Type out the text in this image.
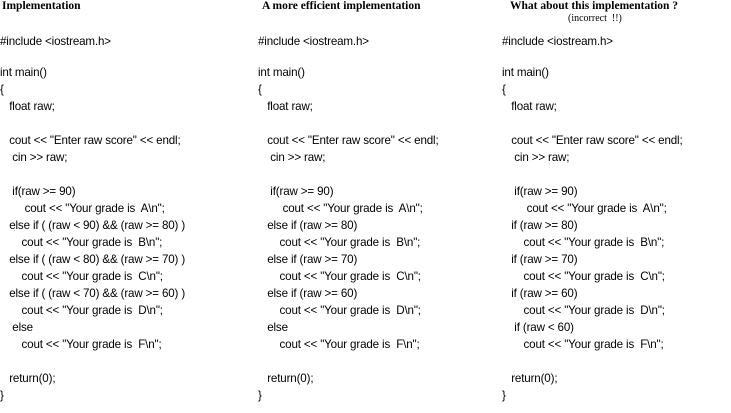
Implementation
#include <iostream.h>
int main()
{
float raw;
cout << "Enter raw score" << endl;
cin >> raw;
if(raw >= 90)
cout << "Your grade is  A\n";
else if ( (raw < 90) && (raw >= 80) )
cout << "Your grade is  B\n";
else if ( (raw < 80) && (raw >= 70) )
cout << "Your grade is  C\n";
else if ( (raw < 70) && (raw >= 60) )
cout << "Your grade is  D\n";
else
cout << "Your grade is  F\n";
return(0);
}
A more efficient implementation
#include <iostream.h>
int main()
{
float raw;
cout << "Enter raw score" << endl;
cin >> raw;
if(raw >= 90)
cout << "Your grade is  A\n";
else if (raw >= 80)
cout << "Your grade is  B\n";
else if (raw >= 70)
cout << "Your grade is  C\n";
else if (raw >= 60)
cout << "Your grade is  D\n";
else
cout << "Your grade is  F\n";
return(0);
}
What about this implementation ?
(incorrect  !!)
#include <iostream.h>
int main()
{
float raw;
cout << "Enter raw score" << endl;
cin >> raw;
if(raw >= 90)
cout << "Your grade is  A\n";
if (raw >= 80)
cout << "Your grade is  B\n";
if (raw >= 70)
cout << "Your grade is  C\n";
if (raw >= 60)
cout << "Your grade is  D\n";
if (raw < 60)
cout << "Your grade is  F\n";
return(0);
}
